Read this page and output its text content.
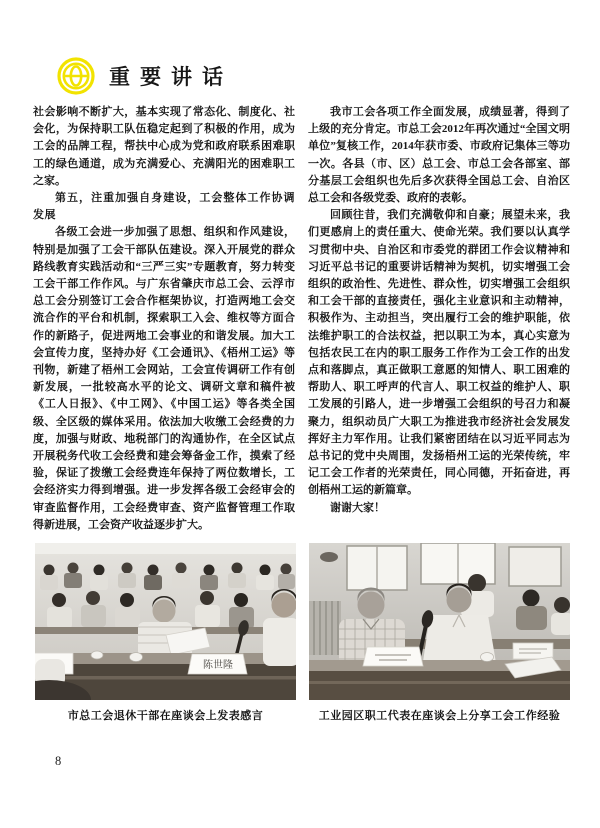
重要讲话

社会影响不断扩大，基本实现了常态化、制度化、社会化，为保持职工队伍稳定起到了积极的作用，成为工会的品牌工程，帮扶中心成为党和政府联系困难职工的绿色通道，成为充满爱心、充满阳光的困难职工之家。

第五，注重加强自身建设，工会整体工作协调发展

各级工会进一步加强了思想、组织和作风建设，特别是加强了工会干部队伍建设。深入开展党的群众路线教育实践活动和“三严三实”专题教育，努力转变工会干部工作作风。与广东省肇庆市总工会、云浮市总工会分别签订工会合作框架协议，打造两地工会交流合作的平台和机制，探索职工入会、维权等方面合作的新路子，促进两地工会事业的和谐发展。加大工会宣传力度，坚持办好《工会通讯》、《梧州工运》等刊物，新建了梧州工会网站，工会宣传调研工作有创新发展，一批较高水平的论文、调研文章和稿件被《工人日报》、《中工网》、《中国工运》等各类全国级、全区级的媒体采用。依法加大收缴工会经费的力度，加强与财政、地税部门的沟通协作，在全区试点开展税务代收工会经费和建会筹备金工作，摸索了经验，保证了拨缴工会经费连年保持了两位数增长，工会经济实力得到增强。进一步发挥各级工会经审会的审查监督作用，工会经费审查、资产监督管理工作取得新进展，工会资产收益逐步扩大。

我市工会各项工作全面发展，成绩显著，得到了上级的充分肯定。市总工会2012年再次通过“全国文明单位”复核工作，2014年获市委、市政府记集体三等功一次。各县（市、区）总工会、市总工会各部室、部分基层工会组织也先后多次获得全国总工会、自治区总工会和各级党委、政府的表彰。

回顾往昔，我们充满敬仰和自豪；展望未来，我们更感肩上的责任重大、使命光荣。我们要以认真学习贯彻中央、自治区和市委党的群团工作会议精神和习近平总书记的重要讲话精神为契机，切实增强工会组织的政治性、先进性、群众性，切实增强工会组织和工会干部的直接责任，强化主业意识和主动精神，积极作为、主动担当，突出履行工会的维护职能，依法维护职工的合法权益，把以职工为本，真心实意为包括农民工在内的职工服务工作作为工会工作的出发点和落脚点，真正做职工意愿的知情人、职工困难的帮助人、职工呼声的代言人、职工权益的维护人、职工发展的引路人，进一步增强工会组织的号召力和凝聚力，组织动员广大职工为推进我市经济社会发展发挥好主力军作用。让我们紧密团结在以习近平同志为总书记的党中央周围，发扬梧州工运的光荣传统，牢记工会工作者的光荣责任，同心同德，开拓奋进，再创梧州工运的新篇章。

谢谢大家！

陈世隆
市总工会退休干部在座谈会上发表感言	工业园区职工代表在座谈会上分享工会工作经验
8
